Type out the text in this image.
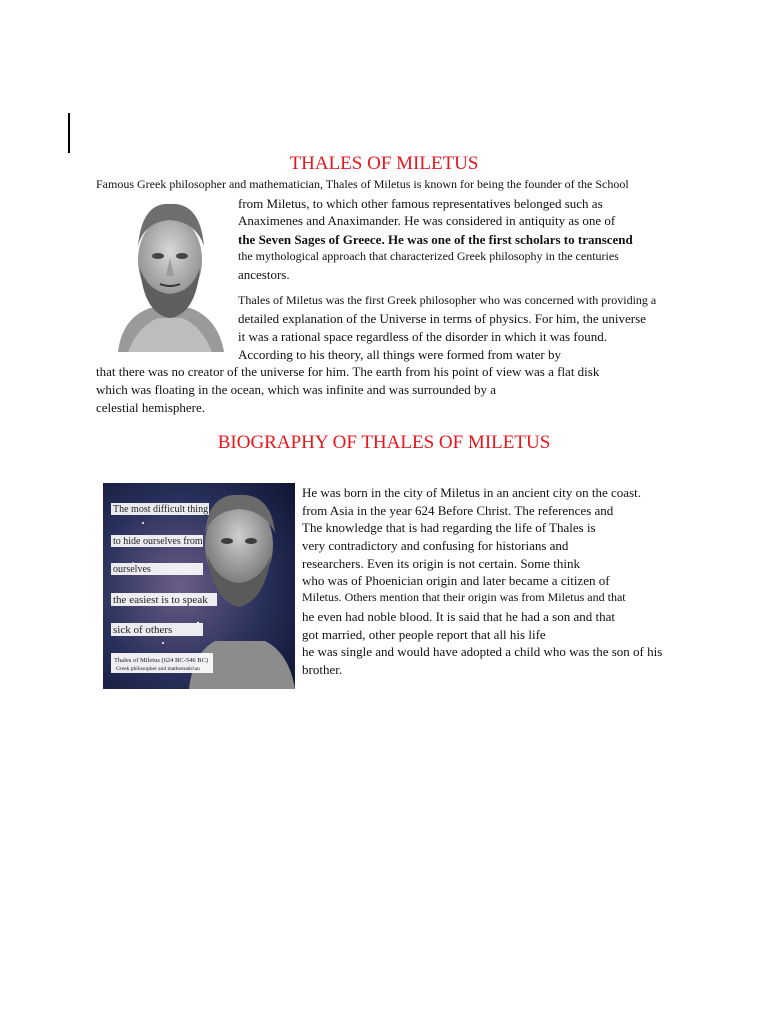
THALES OF MILETUS
Famous Greek philosopher and mathematician, Thales of Miletus is known for being the founder of the School
from Miletus, to which other famous representatives belonged such as
Anaximenes and Anaximander. He was considered in antiquity as one of
the Seven Sages of Greece. He was one of the first scholars to transcend
the mythological approach that characterized Greek philosophy in the centuries
ancestors.
Thales of Miletus was the first Greek philosopher who was concerned with providing a
detailed explanation of the Universe in terms of physics. For him, the universe
it was a rational space regardless of the disorder in which it was found.
According to his theory, all things were formed from water by
that there was no creator of the universe for him. The earth from his point of view was a flat disk
which was floating in the ocean, which was infinite and was surrounded by a
celestial hemisphere.
BIOGRAPHY OF THALES OF MILETUS
The most difficult thing
to hide ourselves from
ourselves
the easiest is to speak
sick of others
Thales of Miletus (624 BC-546 BC)
Greek philosopher and mathematician
He was born in the city of Miletus in an ancient city on the coast.
from Asia in the year 624 Before Christ. The references and
The knowledge that is had regarding the life of Thales is
very contradictory and confusing for historians and
researchers. Even its origin is not certain. Some think
who was of Phoenician origin and later became a citizen of
Miletus. Others mention that their origin was from Miletus and that
he even had noble blood. It is said that he had a son and that
got married, other people report that all his life
he was single and would have adopted a child who was the son of his
brother.
